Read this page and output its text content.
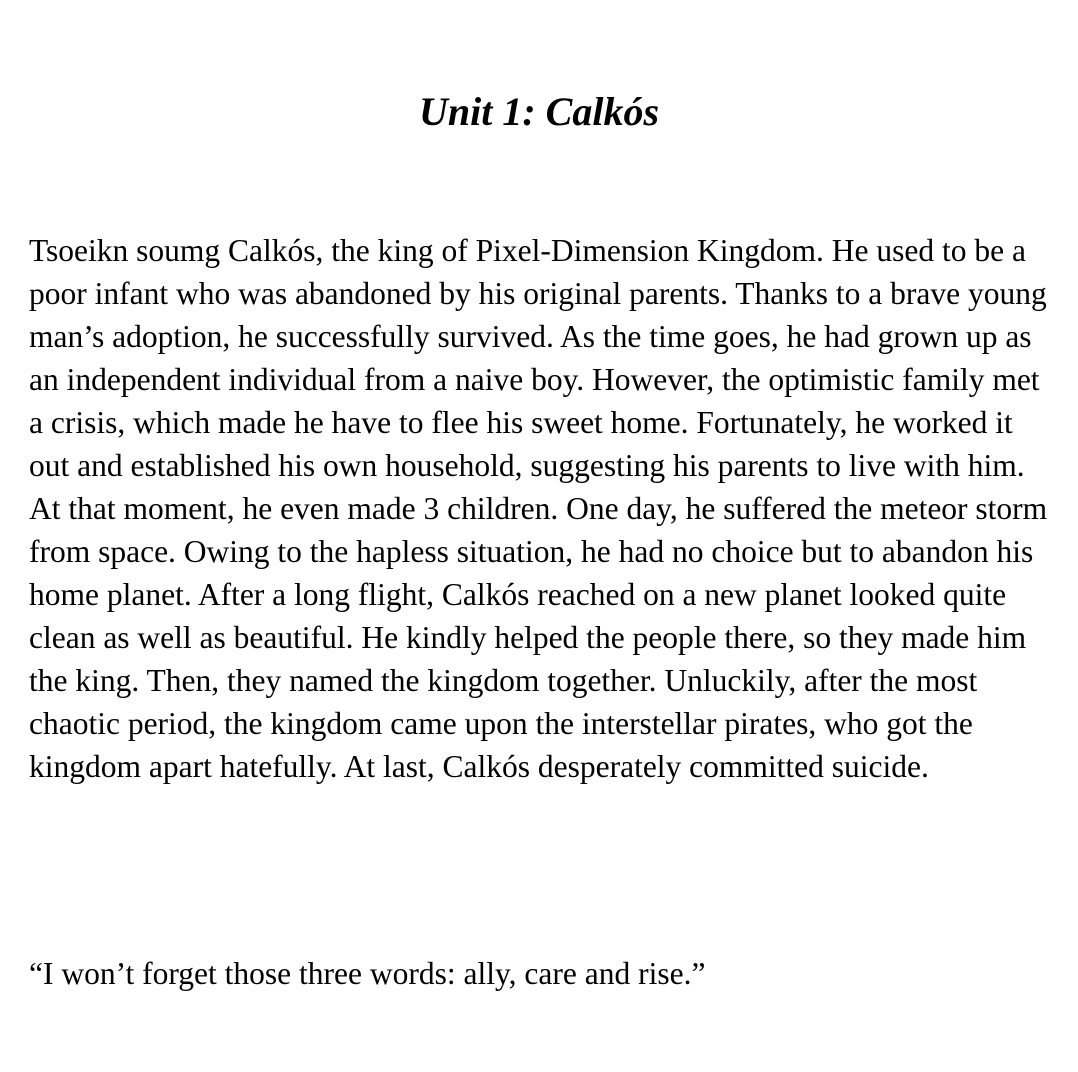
Unit 1: Calkós

Tsoeikn soumg Calkós, the king of Pixel-Dimension Kingdom. He used to be a poor infant who was abandoned by his original parents. Thanks to a brave young man’s adoption, he successfully survived. As the time goes, he had grown up as an independent individual from a naive boy. However, the optimistic family met a crisis, which made he have to flee his sweet home. Fortunately, he worked it out and established his own household, suggesting his parents to live with him. At that moment, he even made 3 children. One day, he suffered the meteor storm from space. Owing to the hapless situation, he had no choice but to abandon his home planet. After a long flight, Calkós reached on a new planet looked quite clean as well as beautiful. He kindly helped the people there, so they made him the king. Then, they named the kingdom together. Unluckily, after the most chaotic period, the kingdom came upon the interstellar pirates, who got the kingdom apart hatefully. At last, Calkós desperately committed suicide.

“I won’t forget those three words: ally, care and rise.”
